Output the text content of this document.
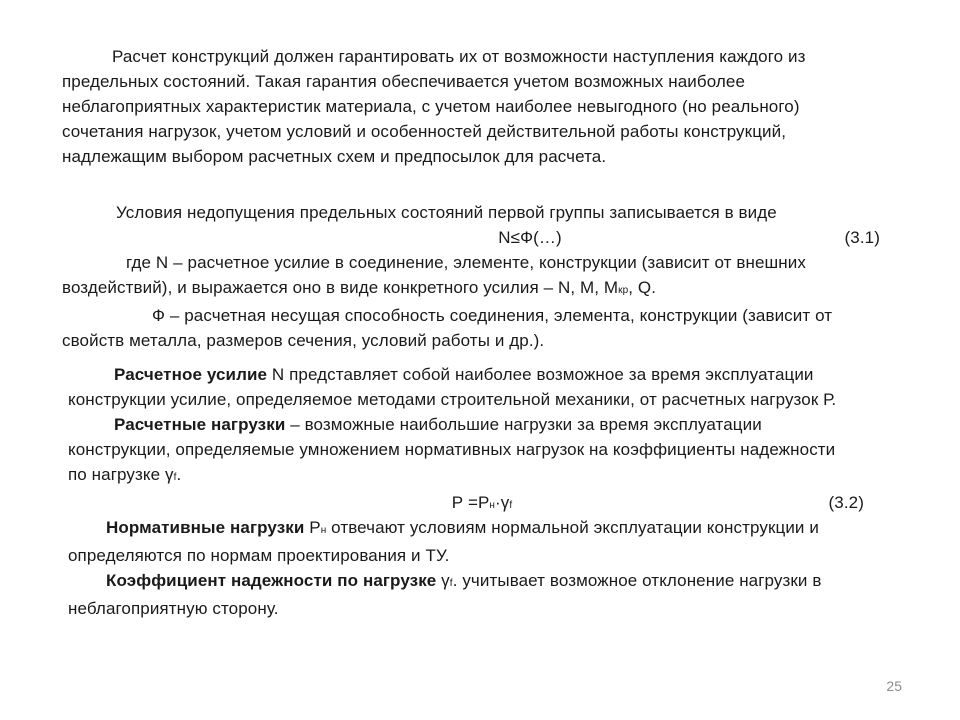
Расчет конструкций должен гарантировать их от возможности наступления каждого из
предельных состояний. Такая гарантия обеспечивается учетом возможных наиболее
неблагоприятных характеристик материала, с учетом наиболее невыгодного (но реального)
сочетания нагрузок, учетом условий и особенностей действительной работы конструкций,
надлежащим выбором расчетных схем и предпосылок для расчета.
Условия недопущения предельных состояний первой группы записывается в виде
N≤Ф(…)	(3.1)
где N – расчетное усилие в соединение, элементе, конструкции (зависит от внешних
воздействий), и выражается оно в виде конкретного усилия – N, M, Mкр, Q.
Ф – расчетная несущая способность соединения, элемента, конструкции (зависит от
свойств металла, размеров сечения, условий работы и др.).
Расчетное усилие N представляет собой наиболее возможное за время эксплуатации
конструкции усилие, определяемое методами строительной механики, от расчетных нагрузок Р.
Расчетные нагрузки – возможные наибольшие нагрузки за время эксплуатации
конструкции, определяемые умножением нормативных нагрузок на коэффициенты надежности
по нагрузке γf.
Р =Рн·γf	(3.2)
Нормативные нагрузки Рн отвечают условиям нормальной эксплуатации конструкции и
определяются по нормам проектирования и ТУ.
Коэффициент надежности по нагрузке γf. учитывает возможное отклонение нагрузки в
неблагоприятную сторону.
25
